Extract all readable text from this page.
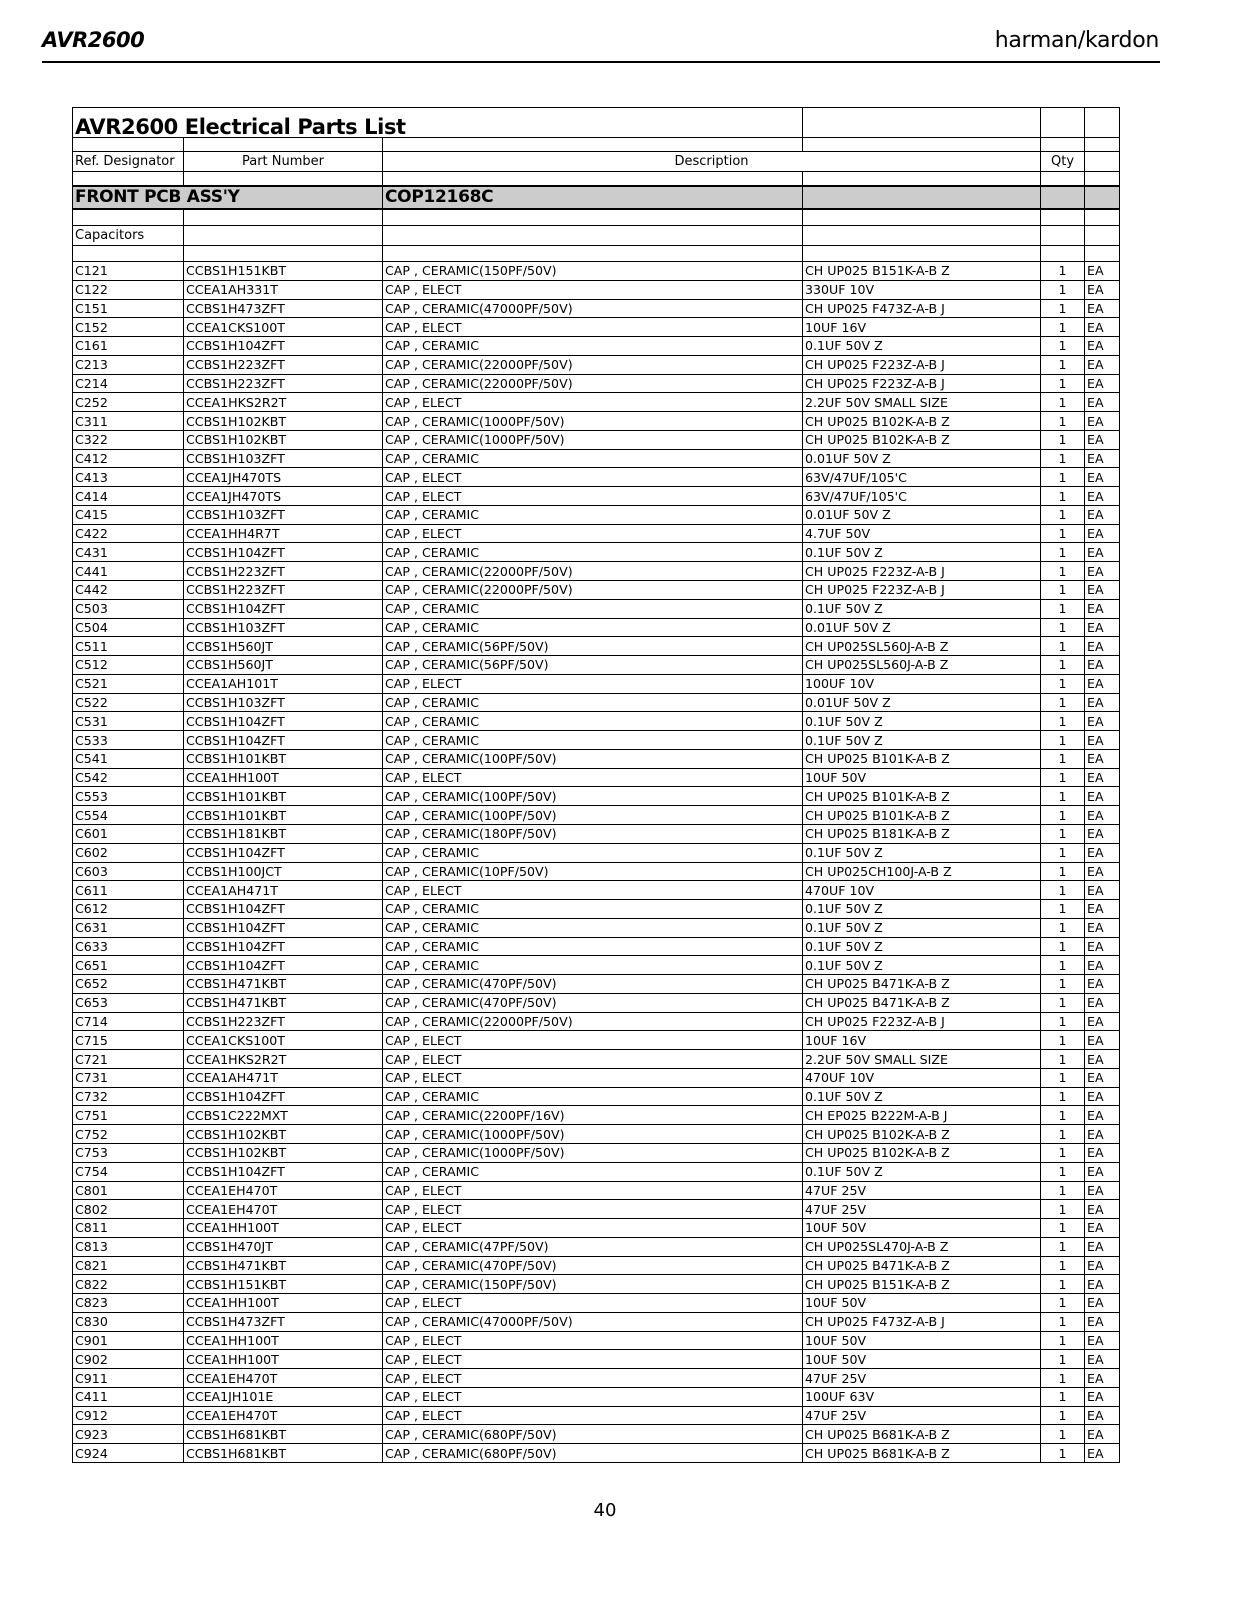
AVR2600	harman/kardon
AVR2600 Electrical Parts List					

Ref. Designator	Part Number	Description		Qty	

FRONT PCB ASS'Y		COP12168C			

Capacitors					

C121	CCBS1H151KBT	CAP , CERAMIC(150PF/50V)	CH UP025 B151K-A-B Z	1	EA
C122	CCEA1AH331T	CAP , ELECT	330UF 10V	1	EA
C151	CCBS1H473ZFT	CAP , CERAMIC(47000PF/50V)	CH UP025 F473Z-A-B J	1	EA
C152	CCEA1CKS100T	CAP , ELECT	10UF 16V	1	EA
C161	CCBS1H104ZFT	CAP , CERAMIC	0.1UF 50V Z	1	EA
C213	CCBS1H223ZFT	CAP , CERAMIC(22000PF/50V)	CH UP025 F223Z-A-B J	1	EA
C214	CCBS1H223ZFT	CAP , CERAMIC(22000PF/50V)	CH UP025 F223Z-A-B J	1	EA
C252	CCEA1HKS2R2T	CAP , ELECT	2.2UF 50V SMALL SIZE	1	EA
C311	CCBS1H102KBT	CAP , CERAMIC(1000PF/50V)	CH UP025 B102K-A-B Z	1	EA
C322	CCBS1H102KBT	CAP , CERAMIC(1000PF/50V)	CH UP025 B102K-A-B Z	1	EA
C412	CCBS1H103ZFT	CAP , CERAMIC	0.01UF 50V Z	1	EA
C413	CCEA1JH470TS	CAP , ELECT	63V/47UF/105'C	1	EA
C414	CCEA1JH470TS	CAP , ELECT	63V/47UF/105'C	1	EA
C415	CCBS1H103ZFT	CAP , CERAMIC	0.01UF 50V Z	1	EA
C422	CCEA1HH4R7T	CAP , ELECT	4.7UF 50V	1	EA
C431	CCBS1H104ZFT	CAP , CERAMIC	0.1UF 50V Z	1	EA
C441	CCBS1H223ZFT	CAP , CERAMIC(22000PF/50V)	CH UP025 F223Z-A-B J	1	EA
C442	CCBS1H223ZFT	CAP , CERAMIC(22000PF/50V)	CH UP025 F223Z-A-B J	1	EA
C503	CCBS1H104ZFT	CAP , CERAMIC	0.1UF 50V Z	1	EA
C504	CCBS1H103ZFT	CAP , CERAMIC	0.01UF 50V Z	1	EA
C511	CCBS1H560JT	CAP , CERAMIC(56PF/50V)	CH UP025SL560J-A-B Z	1	EA
C512	CCBS1H560JT	CAP , CERAMIC(56PF/50V)	CH UP025SL560J-A-B Z	1	EA
C521	CCEA1AH101T	CAP , ELECT	100UF 10V	1	EA
C522	CCBS1H103ZFT	CAP , CERAMIC	0.01UF 50V Z	1	EA
C531	CCBS1H104ZFT	CAP , CERAMIC	0.1UF 50V Z	1	EA
C533	CCBS1H104ZFT	CAP , CERAMIC	0.1UF 50V Z	1	EA
C541	CCBS1H101KBT	CAP , CERAMIC(100PF/50V)	CH UP025 B101K-A-B Z	1	EA
C542	CCEA1HH100T	CAP , ELECT	10UF 50V	1	EA
C553	CCBS1H101KBT	CAP , CERAMIC(100PF/50V)	CH UP025 B101K-A-B Z	1	EA
C554	CCBS1H101KBT	CAP , CERAMIC(100PF/50V)	CH UP025 B101K-A-B Z	1	EA
C601	CCBS1H181KBT	CAP , CERAMIC(180PF/50V)	CH UP025 B181K-A-B Z	1	EA
C602	CCBS1H104ZFT	CAP , CERAMIC	0.1UF 50V Z	1	EA
C603	CCBS1H100JCT	CAP , CERAMIC(10PF/50V)	CH UP025CH100J-A-B Z	1	EA
C611	CCEA1AH471T	CAP , ELECT	470UF 10V	1	EA
C612	CCBS1H104ZFT	CAP , CERAMIC	0.1UF 50V Z	1	EA
C631	CCBS1H104ZFT	CAP , CERAMIC	0.1UF 50V Z	1	EA
C633	CCBS1H104ZFT	CAP , CERAMIC	0.1UF 50V Z	1	EA
C651	CCBS1H104ZFT	CAP , CERAMIC	0.1UF 50V Z	1	EA
C652	CCBS1H471KBT	CAP , CERAMIC(470PF/50V)	CH UP025 B471K-A-B Z	1	EA
C653	CCBS1H471KBT	CAP , CERAMIC(470PF/50V)	CH UP025 B471K-A-B Z	1	EA
C714	CCBS1H223ZFT	CAP , CERAMIC(22000PF/50V)	CH UP025 F223Z-A-B J	1	EA
C715	CCEA1CKS100T	CAP , ELECT	10UF 16V	1	EA
C721	CCEA1HKS2R2T	CAP , ELECT	2.2UF 50V SMALL SIZE	1	EA
C731	CCEA1AH471T	CAP , ELECT	470UF 10V	1	EA
C732	CCBS1H104ZFT	CAP , CERAMIC	0.1UF 50V Z	1	EA
C751	CCBS1C222MXT	CAP , CERAMIC(2200PF/16V)	CH EP025 B222M-A-B J	1	EA
C752	CCBS1H102KBT	CAP , CERAMIC(1000PF/50V)	CH UP025 B102K-A-B Z	1	EA
C753	CCBS1H102KBT	CAP , CERAMIC(1000PF/50V)	CH UP025 B102K-A-B Z	1	EA
C754	CCBS1H104ZFT	CAP , CERAMIC	0.1UF 50V Z	1	EA
C801	CCEA1EH470T	CAP , ELECT	47UF 25V	1	EA
C802	CCEA1EH470T	CAP , ELECT	47UF 25V	1	EA
C811	CCEA1HH100T	CAP , ELECT	10UF 50V	1	EA
C813	CCBS1H470JT	CAP , CERAMIC(47PF/50V)	CH UP025SL470J-A-B Z	1	EA
C821	CCBS1H471KBT	CAP , CERAMIC(470PF/50V)	CH UP025 B471K-A-B Z	1	EA
C822	CCBS1H151KBT	CAP , CERAMIC(150PF/50V)	CH UP025 B151K-A-B Z	1	EA
C823	CCEA1HH100T	CAP , ELECT	10UF 50V	1	EA
C830	CCBS1H473ZFT	CAP , CERAMIC(47000PF/50V)	CH UP025 F473Z-A-B J	1	EA
C901	CCEA1HH100T	CAP , ELECT	10UF 50V	1	EA
C902	CCEA1HH100T	CAP , ELECT	10UF 50V	1	EA
C911	CCEA1EH470T	CAP , ELECT	47UF 25V	1	EA
C411	CCEA1JH101E	CAP , ELECT	100UF 63V	1	EA
C912	CCEA1EH470T	CAP , ELECT	47UF 25V	1	EA
C923	CCBS1H681KBT	CAP , CERAMIC(680PF/50V)	CH UP025 B681K-A-B Z	1	EA
C924	CCBS1H681KBT	CAP , CERAMIC(680PF/50V)	CH UP025 B681K-A-B Z	1	EA
40
